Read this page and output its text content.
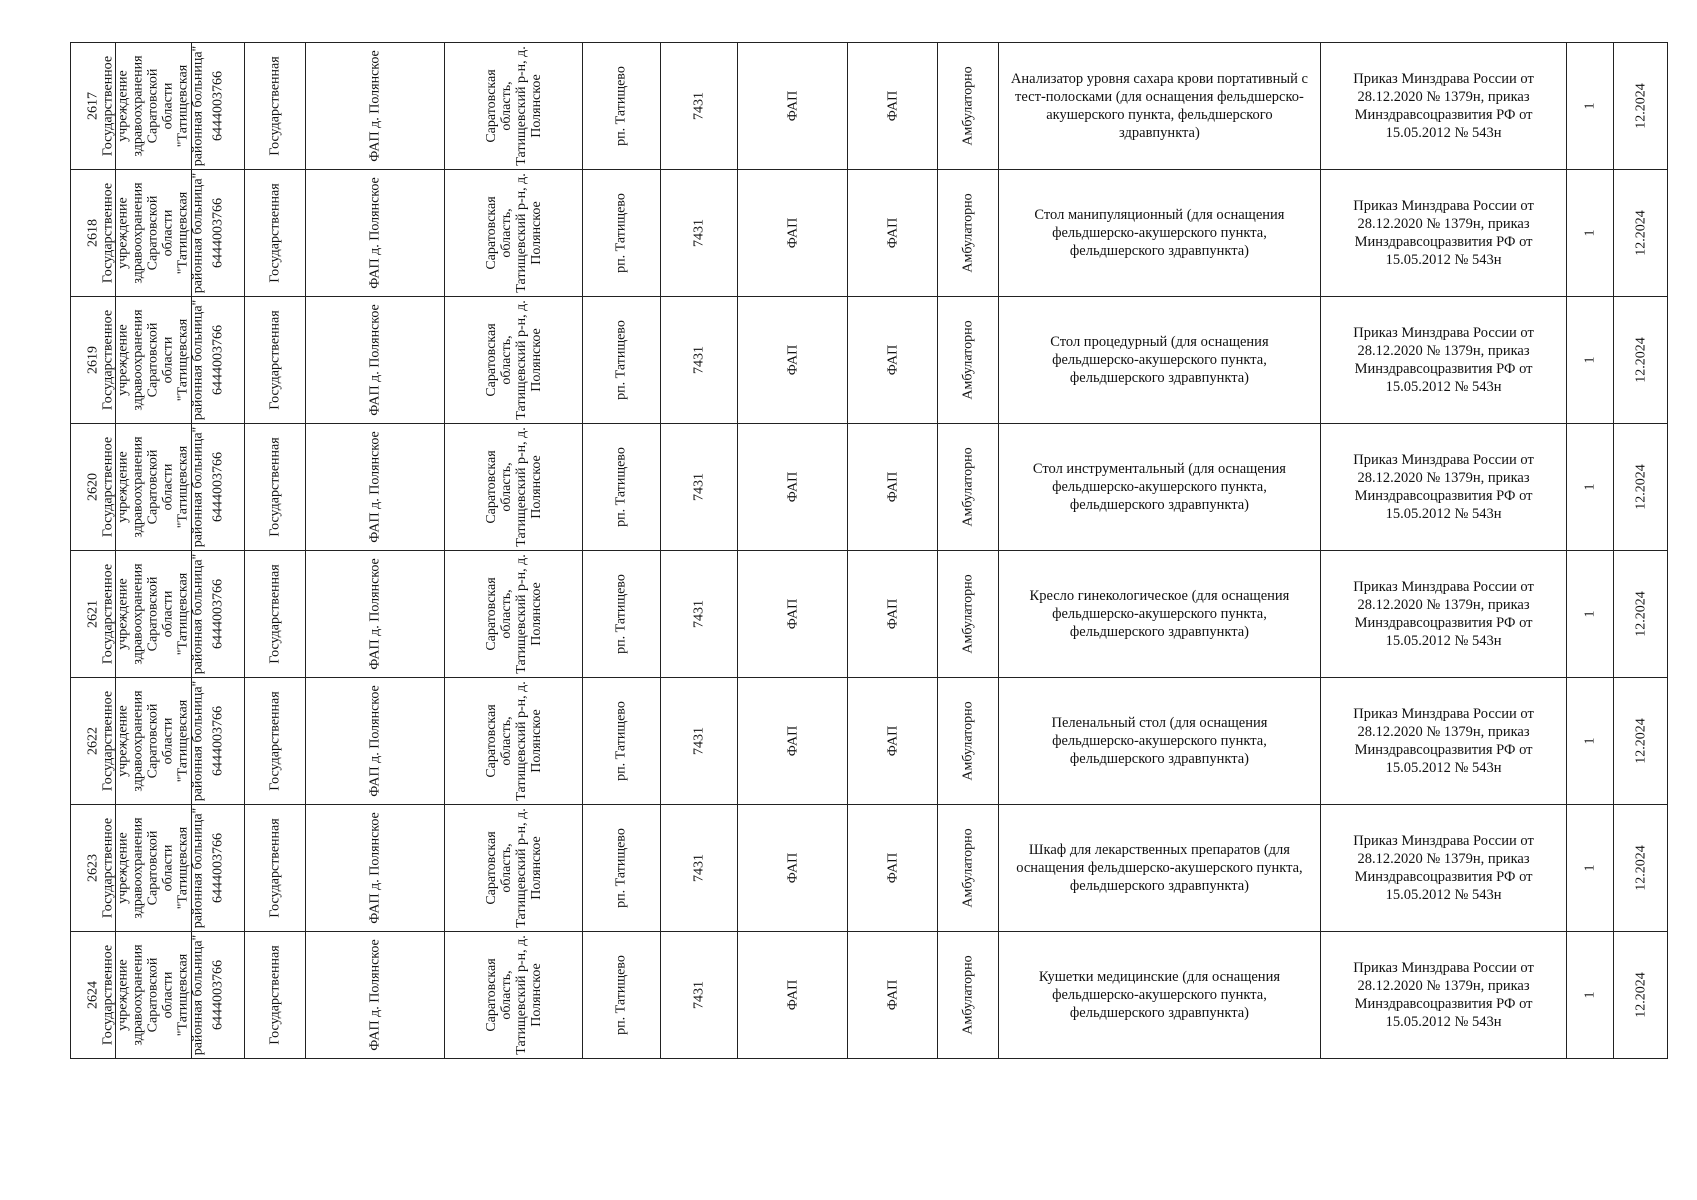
2617	Государственное учреждение здравоохранения Саратовской области "Татищевская районная больница"	6444003766	Государственная	ФАП д. Полянское	Саратовская область, Татищевский р-н, д. Полянское	рп. Татищево	7431	ФАП	ФАП	Амбулаторно	Анализатор уровня сахара крови портативный с тест-полосками (для оснащения фельдшерско-акушерского пункта, фельдшерского здравпункта)	Приказ Минздрава России от 28.12.2020 № 1379н, приказ Минздравсоцразвития РФ от 15.05.2012 № 543н	1	12.2024

2618	Государственное учреждение здравоохранения Саратовской области "Татищевская районная больница"	6444003766	Государственная	ФАП д. Полянское	Саратовская область, Татищевский р-н, д. Полянское	рп. Татищево	7431	ФАП	ФАП	Амбулаторно	Стол манипуляционный (для оснащения фельдшерско-акушерского пункта, фельдшерского здравпункта)	Приказ Минздрава России от 28.12.2020 № 1379н, приказ Минздравсоцразвития РФ от 15.05.2012 № 543н	1	12.2024

2619	Государственное учреждение здравоохранения Саратовской области "Татищевская районная больница"	6444003766	Государственная	ФАП д. Полянское	Саратовская область, Татищевский р-н, д. Полянское	рп. Татищево	7431	ФАП	ФАП	Амбулаторно	Стол процедурный (для оснащения фельдшерско-акушерского пункта, фельдшерского здравпункта)	Приказ Минздрава России от 28.12.2020 № 1379н, приказ Минздравсоцразвития РФ от 15.05.2012 № 543н	1	12.2024

2620	Государственное учреждение здравоохранения Саратовской области "Татищевская районная больница"	6444003766	Государственная	ФАП д. Полянское	Саратовская область, Татищевский р-н, д. Полянское	рп. Татищево	7431	ФАП	ФАП	Амбулаторно	Стол инструментальный (для оснащения фельдшерско-акушерского пункта, фельдшерского здравпункта)	Приказ Минздрава России от 28.12.2020 № 1379н, приказ Минздравсоцразвития РФ от 15.05.2012 № 543н	1	12.2024

2621	Государственное учреждение здравоохранения Саратовской области "Татищевская районная больница"	6444003766	Государственная	ФАП д. Полянское	Саратовская область, Татищевский р-н, д. Полянское	рп. Татищево	7431	ФАП	ФАП	Амбулаторно	Кресло гинекологическое (для оснащения фельдшерско-акушерского пункта, фельдшерского здравпункта)	Приказ Минздрава России от 28.12.2020 № 1379н, приказ Минздравсоцразвития РФ от 15.05.2012 № 543н	1	12.2024

2622	Государственное учреждение здравоохранения Саратовской области "Татищевская районная больница"	6444003766	Государственная	ФАП д. Полянское	Саратовская область, Татищевский р-н, д. Полянское	рп. Татищево	7431	ФАП	ФАП	Амбулаторно	Пеленальный стол (для оснащения фельдшерско-акушерского пункта, фельдшерского здравпункта)	Приказ Минздрава России от 28.12.2020 № 1379н, приказ Минздравсоцразвития РФ от 15.05.2012 № 543н	1	12.2024

2623	Государственное учреждение здравоохранения Саратовской области "Татищевская районная больница"	6444003766	Государственная	ФАП д. Полянское	Саратовская область, Татищевский р-н, д. Полянское	рп. Татищево	7431	ФАП	ФАП	Амбулаторно	Шкаф для лекарственных препаратов (для оснащения фельдшерско-акушерского пункта, фельдшерского здравпункта)	Приказ Минздрава России от 28.12.2020 № 1379н, приказ Минздравсоцразвития РФ от 15.05.2012 № 543н	1	12.2024

2624	Государственное учреждение здравоохранения Саратовской области "Татищевская районная больница"	6444003766	Государственная	ФАП д. Полянское	Саратовская область, Татищевский р-н, д. Полянское	рп. Татищево	7431	ФАП	ФАП	Амбулаторно	Кушетки медицинские (для оснащения фельдшерско-акушерского пункта, фельдшерского здравпункта)	Приказ Минздрава России от 28.12.2020 № 1379н, приказ Минздравсоцразвития РФ от 15.05.2012 № 543н	1	12.2024
